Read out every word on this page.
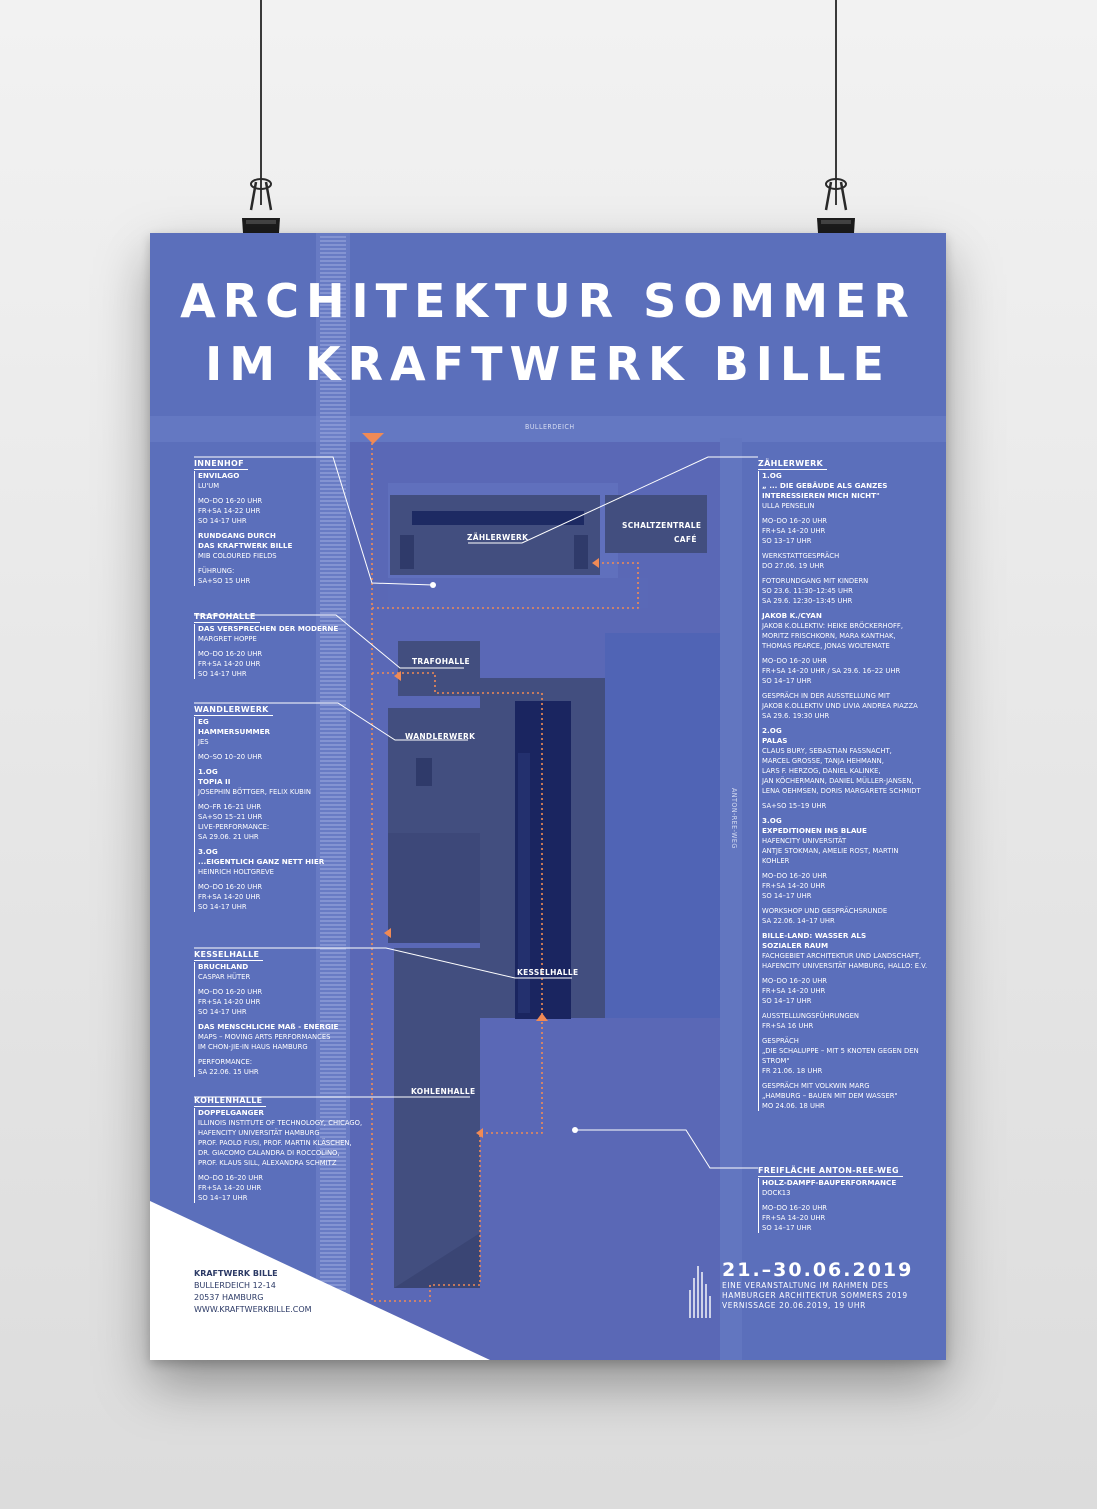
ARCHITEKTUR SOMMER
IM KRAFTWERK BILLE
BULLERDEICH
ANTON-REE-WEG
ZÄHLERWERK
SCHALTZENTRALE
CAFÉ
TRAFOHALLE
WANDLERWERK
KESSELHALLE
KOHLENHALLE
INNENHOF
ENVILAGO
LU'UM
MO–DO 16-20 UHR
FR+SA 14-22 UHR
SO 14-17 UHR
RUNDGANG DURCH
DAS KRAFTWERK BILLE
MIB COLOURED FIELDS
FÜHRUNG:
SA+SO 15 UHR
TRAFOHALLE
DAS VERSPRECHEN DER MODERNE
MARGRET HOPPE
MO–DO 16-20 UHR
FR+SA 14-20 UHR
SO 14-17 UHR
WANDLERWERK
EG
HAMMERSUMMER
JES
MO–SO 10–20 UHR
1.OG
TOPIA II
JOSEPHIN BÖTTGER, FELIX KUBIN
MO–FR 16–21 UHR
SA+SO 15–21 UHR
LIVE-PERFORMANCE:
SA 29.06. 21 UHR
3.OG
...EIGENTLICH GANZ NETT HIER
HEINRICH HOLTGREVE
MO–DO 16-20 UHR
FR+SA 14-20 UHR
SO 14-17 UHR
KESSELHALLE
BRUCHLAND
CASPAR HÜTER
MO–DO 16-20 UHR
FR+SA 14-20 UHR
SO 14-17 UHR
DAS MENSCHLICHE MAß - ENERGIE
MAPS – MOVING ARTS PERFORMANCES
IM CHON-JIE-IN HAUS HAMBURG
PERFORMANCE:
SA 22.06. 15 UHR
KOHLENHALLE
DOPPELGANGER
ILLINOIS INSTITUTE OF TECHNOLOGY, CHICAGO,
HAFENCITY UNIVERSITÄT HAMBURG
PROF. PAOLO FUSI, PROF. MARTIN KLÄSCHEN,
DR. GIACOMO CALANDRA DI ROCCOLINO,
PROF. KLAUS SILL, ALEXANDRA SCHMITZ
MO–DO 16–20 UHR
FR+SA 14–20 UHR
SO 14–17 UHR
ZÄHLERWERK
1.OG
„ ... DIE GEBÄUDE ALS GANZES
INTERESSIEREN MICH NICHT"
ULLA PENSELIN
MO–DO 16–20 UHR
FR+SA 14–20 UHR
SO 13–17 UHR
WERKSTATTGESPRÄCH
DO 27.06. 19 UHR
FOTORUNDGANG MIT KINDERN
SO 23.6. 11:30–12:45 UHR
SA 29.6. 12:30–13:45 UHR
JAKOB K./CYAN
JAKOB K.OLLEKTIV: HEIKE BRÖCKERHOFF,
MORITZ FRISCHKORN, MARA KANTHAK,
THOMAS PEARCE, JONAS WOLTEMATE
MO–DO 16–20 UHR
FR+SA 14–20 UHR / SA 29.6. 16–22 UHR
SO 14–17 UHR
GESPRÄCH IN DER AUSSTELLUNG MIT
JAKOB K.OLLEKTIV UND LIVIA ANDREA PIAZZA
SA 29.6. 19:30 UHR
2.OG
PALAS
CLAUS BURY, SEBASTIAN FASSNACHT,
MARCEL GROSSE, TANJA HEHMANN,
LARS F. HERZOG, DANIEL KALINKE,
JAN KÖCHERMANN, DANIEL MÜLLER-JANSEN,
LENA OEHMSEN, DORIS MARGARETE SCHMIDT
SA+SO 15–19 UHR
3.OG
EXPEDITIONEN INS BLAUE
HAFENCITY UNIVERSITÄT
ANTJE STOKMAN, AMELIE ROST, MARTIN
KOHLER
MO–DO 16–20 UHR
FR+SA 14–20 UHR
SO 14–17 UHR
WORKSHOP UND GESPRÄCHSRUNDE
SA 22.06. 14–17 UHR
BILLE-LAND: WASSER ALS
SOZIALER RAUM
FACHGEBIET ARCHITEKTUR UND LANDSCHAFT,
HAFENCITY UNIVERSITÄT HAMBURG, HALLO: E.V.
MO–DO 16–20 UHR
FR+SA 14–20 UHR
SO 14–17 UHR
AUSSTELLUNGSFÜHRUNGEN
FR+SA 16 UHR
GESPRÄCH
„DIE SCHALUPPE – MIT 5 KNOTEN GEGEN DEN
STROM"
FR 21.06. 18 UHR
GESPRÄCH MIT VOLKWIN MARG
„HAMBURG – BAUEN MIT DEM WASSER"
MO 24.06. 18 UHR
FREIFLÄCHE ANTON-REE-WEG
HOLZ-DAMPF-BAUPERFORMANCE
DOCK13
MO–DO 16–20 UHR
FR+SA 14–20 UHR
SO 14–17 UHR
KRAFTWERK BILLE
BULLERDEICH 12-14
20537 HAMBURG
WWW.KRAFTWERKBILLE.COM
21.–30.06.2019
EINE VERANSTALTUNG IM RAHMEN DES
HAMBURGER ARCHITEKTUR SOMMERS 2019
VERNISSAGE 20.06.2019, 19 UHR
